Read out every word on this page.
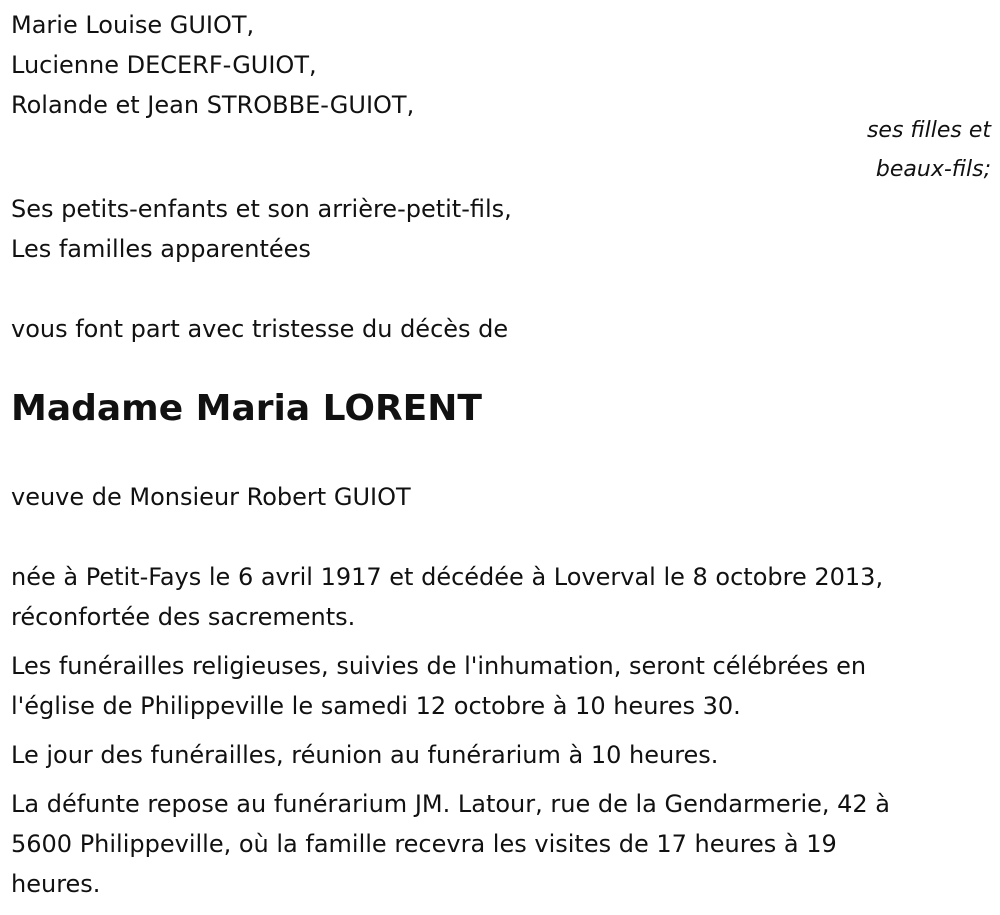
Marie Louise GUIOT,

Lucienne DECERF-GUIOT,

Rolande et Jean STROBBE-GUIOT,

ses filles et
beaux-fils;

Ses petits-enfants et son arrière-petit-fils,

Les familles apparentées

vous font part avec tristesse du décès de

Madame Maria LORENT

veuve de Monsieur Robert GUIOT

née à Petit-Fays le 6 avril 1917 et décédée à Loverval le 8 octobre 2013,
réconfortée des sacrements.

Les funérailles religieuses, suivies de l'inhumation, seront célébrées en
l'église de Philippeville le samedi 12 octobre à 10 heures 30.

Le jour des funérailles, réunion au funérarium à 10 heures.

La défunte repose au funérarium JM. Latour, rue de la Gendarmerie, 42 à
5600 Philippeville, où la famille recevra les visites de 17 heures à 19
heures.
